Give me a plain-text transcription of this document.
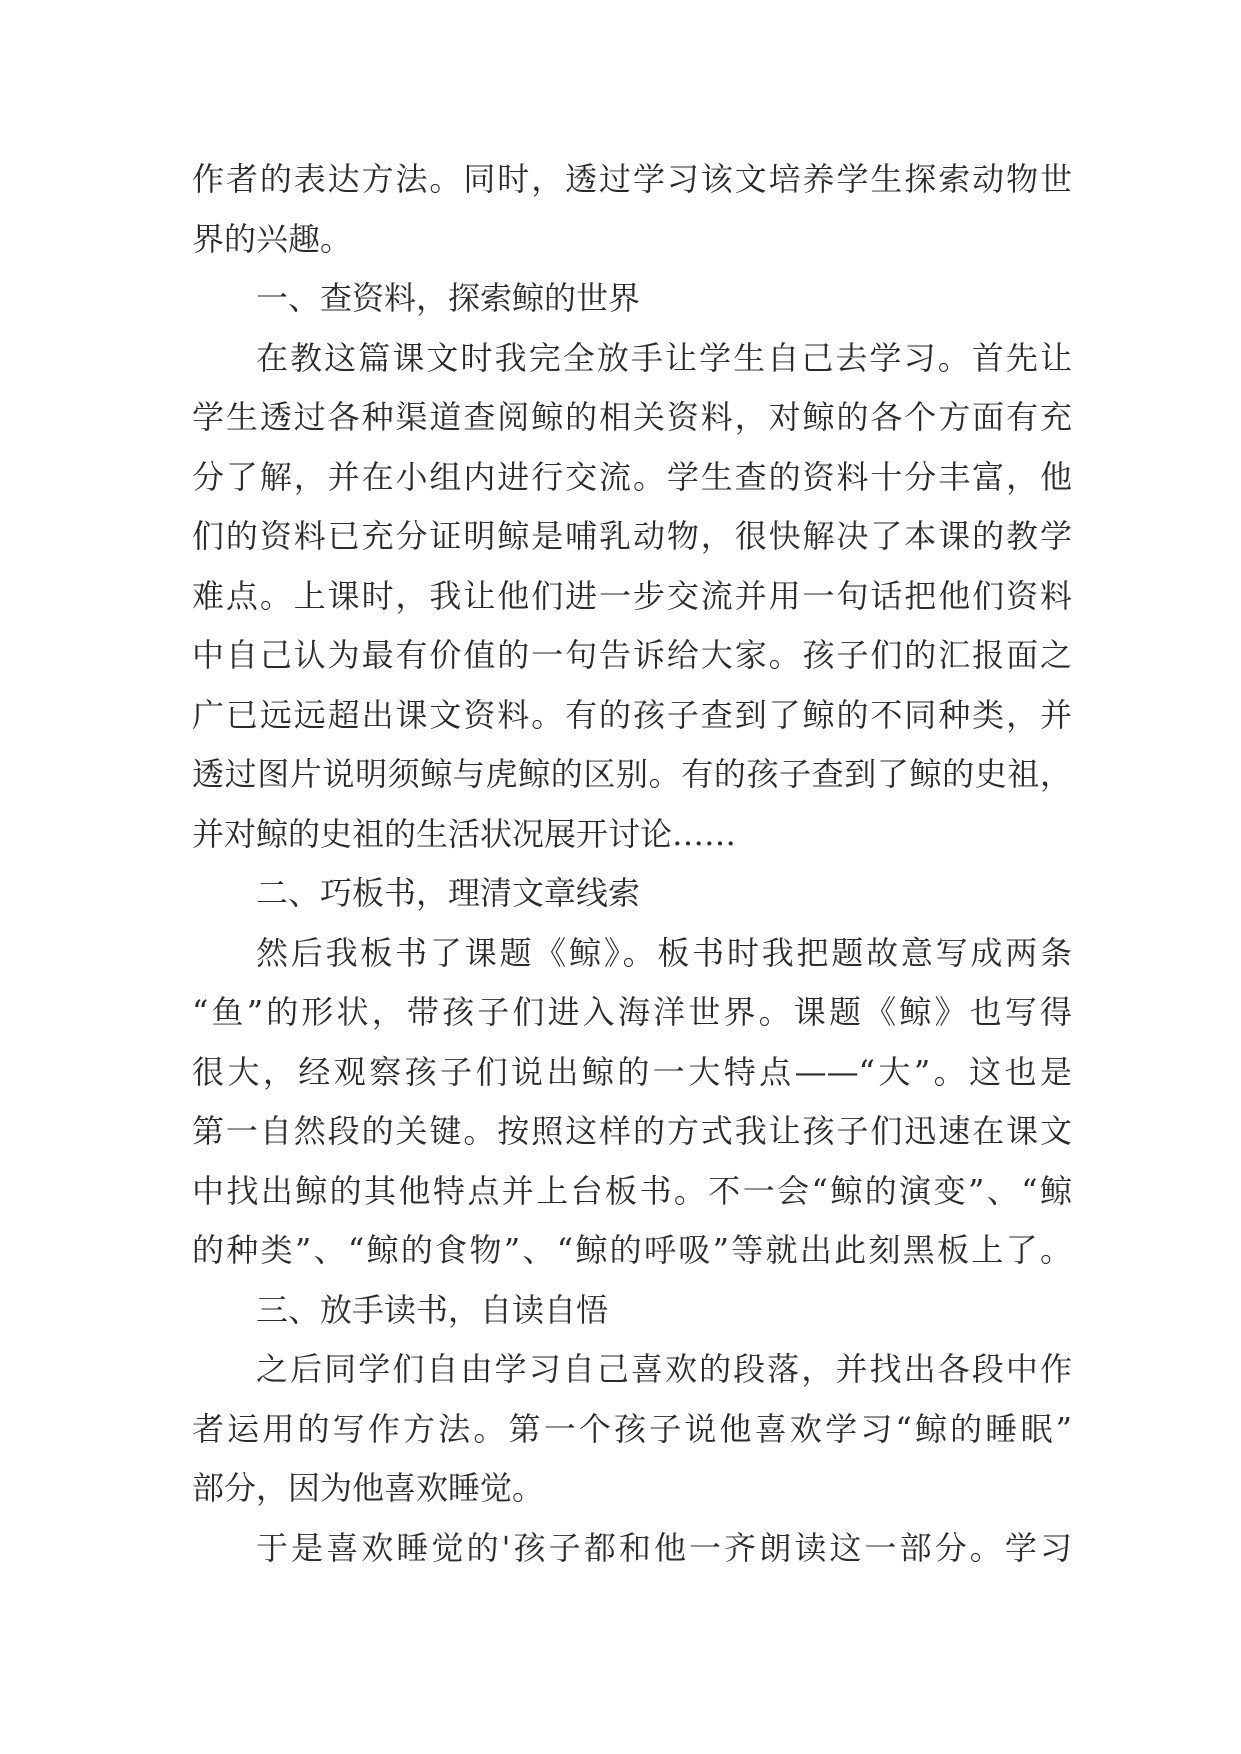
作者的表达方法。同时，透过学习该文培养学生探索动物世
界的兴趣。
一、查资料，探索鲸的世界
在教这篇课文时我完全放手让学生自己去学习。首先让
学生透过各种渠道查阅鲸的相关资料，对鲸的各个方面有充
分了解，并在小组内进行交流。学生查的资料十分丰富，他
们的资料已充分证明鲸是哺乳动物，很快解决了本课的教学
难点。上课时，我让他们进一步交流并用一句话把他们资料
中自己认为最有价值的一句告诉给大家。孩子们的汇报面之
广已远远超出课文资料。有的孩子查到了鲸的不同种类，并
透过图片说明须鲸与虎鲸的区别。有的孩子查到了鲸的史祖，
并对鲸的史祖的生活状况展开讨论……
二、巧板书，理清文章线索
然后我板书了课题《鲸》。板书时我把题故意写成两条
“鱼”的形状，带孩子们进入海洋世界。课题《鲸》也写得
很大，经观察孩子们说出鲸的一大特点——“大”。这也是
第一自然段的关键。按照这样的方式我让孩子们迅速在课文
中找出鲸的其他特点并上台板书。不一会“鲸的演变”、“鲸
的种类”、“鲸的食物”、“鲸的呼吸”等就出此刻黑板上了。
三、放手读书，自读自悟
之后同学们自由学习自己喜欢的段落，并找出各段中作
者运用的写作方法。第一个孩子说他喜欢学习“鲸的睡眠”
部分，因为他喜欢睡觉。
于是喜欢睡觉的'孩子都和他一齐朗读这一部分。学习
